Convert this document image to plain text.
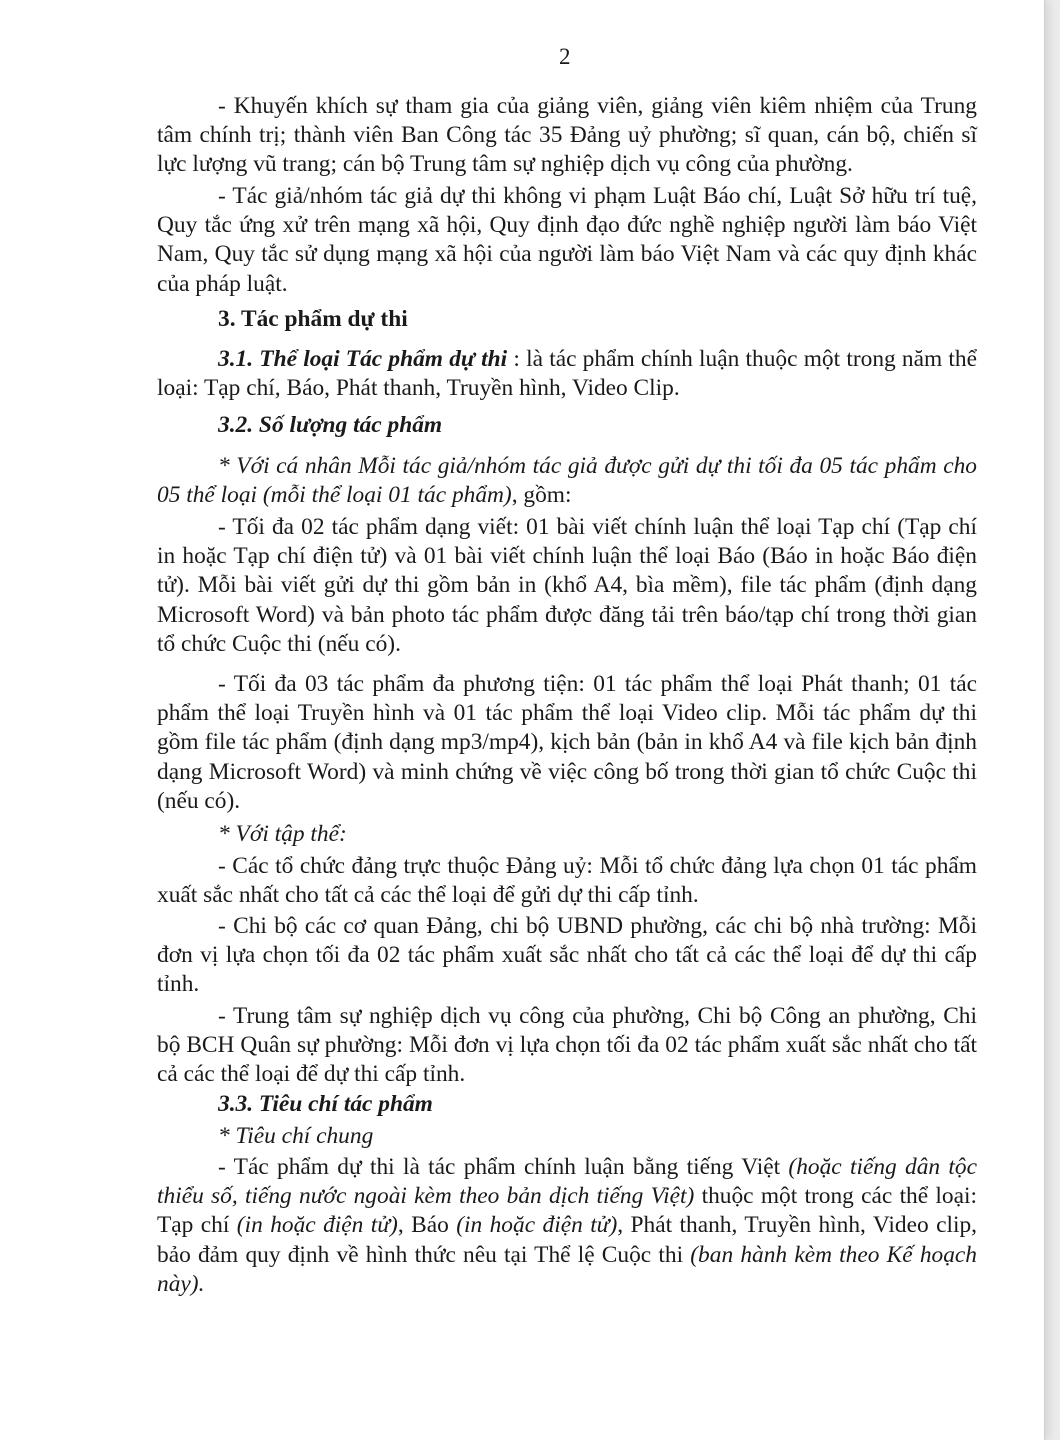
2

- Khuyến khích sự tham gia của giảng viên, giảng viên kiêm nhiệm của Trung tâm chính trị; thành viên Ban Công tác 35 Đảng uỷ phường; sĩ quan, cán bộ, chiến sĩ lực lượng vũ trang; cán bộ Trung tâm sự nghiệp dịch vụ công của phường.

- Tác giả/nhóm tác giả dự thi không vi phạm Luật Báo chí, Luật Sở hữu trí tuệ, Quy tắc ứng xử trên mạng xã hội, Quy định đạo đức nghề nghiệp người làm báo Việt Nam, Quy tắc sử dụng mạng xã hội của người làm báo Việt Nam và các quy định khác của pháp luật.

3. Tác phẩm dự thi

3.1. Thể loại Tác phẩm dự thi : là tác phẩm chính luận thuộc một trong năm thể loại: Tạp chí, Báo, Phát thanh, Truyền hình, Video Clip.

3.2. Số lượng tác phẩm

* Với cá nhân Mỗi tác giả/nhóm tác giả được gửi dự thi tối đa 05 tác phẩm cho 05 thể loại (mỗi thể loại 01 tác phẩm), gồm:

- Tối đa 02 tác phẩm dạng viết: 01 bài viết chính luận thể loại Tạp chí (Tạp chí in hoặc Tạp chí điện tử) và 01 bài viết chính luận thể loại Báo (Báo in hoặc Báo điện tử). Mỗi bài viết gửi dự thi gồm bản in (khổ A4, bìa mềm), file tác phẩm (định dạng Microsoft Word) và bản photo tác phẩm được đăng tải trên báo/tạp chí trong thời gian tổ chức Cuộc thi (nếu có).

- Tối đa 03 tác phẩm đa phương tiện: 01 tác phẩm thể loại Phát thanh; 01 tác phẩm thể loại Truyền hình và 01 tác phẩm thể loại Video clip. Mỗi tác phẩm dự thi gồm file tác phẩm (định dạng mp3/mp4), kịch bản (bản in khổ A4 và file kịch bản định dạng Microsoft Word) và minh chứng về việc công bố trong thời gian tổ chức Cuộc thi (nếu có).

* Với tập thể:

- Các tổ chức đảng trực thuộc Đảng uỷ: Mỗi tổ chức đảng lựa chọn 01 tác phẩm xuất sắc nhất cho tất cả các thể loại để gửi dự thi cấp tỉnh.

- Chi bộ các cơ quan Đảng, chi bộ UBND phường, các chi bộ nhà trường: Mỗi đơn vị lựa chọn tối đa 02 tác phẩm xuất sắc nhất cho tất cả các thể loại để dự thi cấp tỉnh.

- Trung tâm sự nghiệp dịch vụ công của phường, Chi bộ Công an phường, Chi bộ BCH Quân sự phường: Mỗi đơn vị lựa chọn tối đa 02 tác phẩm xuất sắc nhất cho tất cả các thể loại để dự thi cấp tỉnh.

3.3. Tiêu chí tác phẩm

* Tiêu chí chung

- Tác phẩm dự thi là tác phẩm chính luận bằng tiếng Việt (hoặc tiếng dân tộc thiểu số, tiếng nước ngoài kèm theo bản dịch tiếng Việt) thuộc một trong các thể loại: Tạp chí (in hoặc điện tử), Báo (in hoặc điện tử), Phát thanh, Truyền hình, Video clip, bảo đảm quy định về hình thức nêu tại Thể lệ Cuộc thi (ban hành kèm theo Kế hoạch này).
